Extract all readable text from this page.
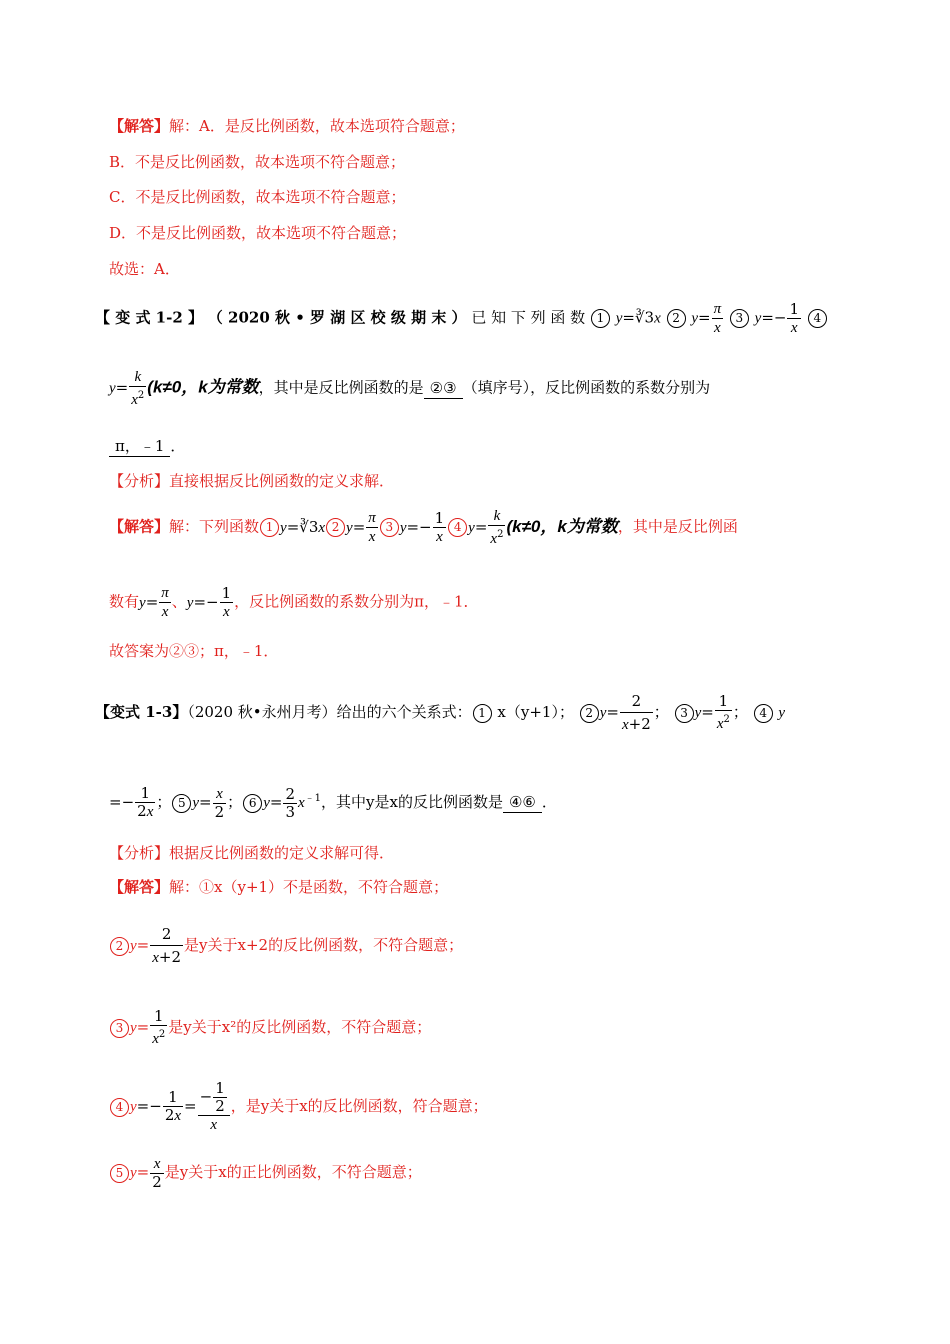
【解答】解：A．是反比例函数，故本选项符合题意；
B．不是反比例函数，故本选项不符合题意；
C．不是反比例函数，故本选项不符合题意；
D．不是反比例函数，故本选项不符合题意；
故选：A．
【 变 式 1-2 】 （ 2020 秋 • 罗 湖 区 校 级 期 末 ） 已 知 下 列 函 数 1 y=∛3x 2 $y= \frac{\pi}{x} 3$ $y=- \frac{1}{x} 4$
$y= \frac{k}{x^2} (k\ne 0$，k为常数，其中是反比例函数的是 ②③ （填序号），反比例函数的系数分别为
π，﹣1 ．
【分析】直接根据反比例函数的定义求解．
【解答】解：下列函数 1 y=∛3x 2 $y= \frac{\pi}{x} 3$ $y=- \frac{1}{x} 4$ $y= \frac{k}{x^2} (k\ne 0$，k为常数，其中是反比例函
数有$y= \frac{\pi}{x}$ 、$y=- \frac{1}{x}$ ，反比例函数的系数分别为π，﹣1．
故答案为②③；π，﹣1．
【变式 1-3】（2020 秋•永州月考）给出的六个关系式： 1 x（y+1）； 2 $y= \frac{2}{x+2}$ ； 3 $y= \frac{1}{x^2}$ ； 4 y
=− $\frac{1}{2x}$ ； 5 $y= \frac{x}{2}$ ； 6 $y= \frac{2}{3} x^{﹣1}$，其中y是x的反比例函数是 ④⑥ ．
【分析】根据反比例函数的定义求解可得．
【解答】解：①x（y+1）不是函数，不符合题意；
2 $y= \frac{2}{x+2}$ 是y关于x+2的反比例函数，不符合题意；
3 $y= \frac{1}{x^2}$ 是y关于x²的反比例函数，不符合题意；
4 $y=- \frac{1}{2x} = \frac{- \frac{1}{2}}{x}$ ，是y关于x的反比例函数，符合题意；
5 $y= \frac{x}{2}$ 是y关于x的正比例函数，不符合题意；
